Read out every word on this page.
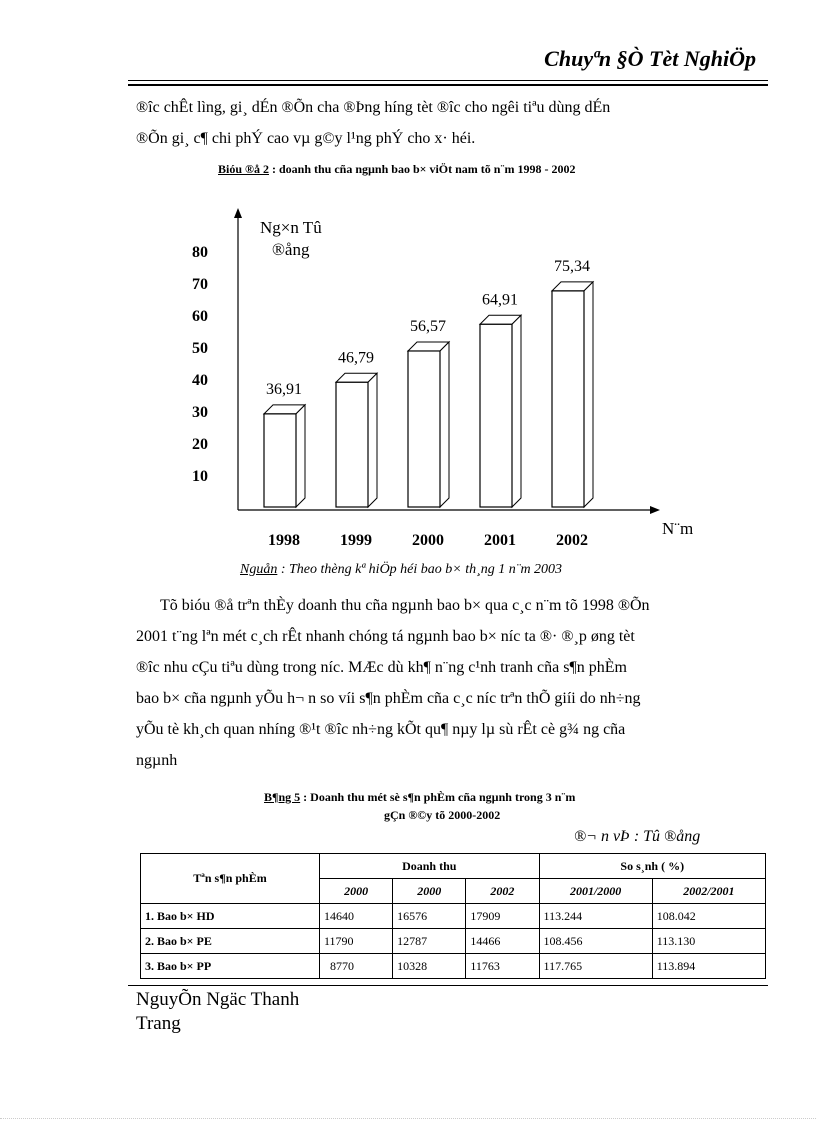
Chuyªn §Ò Tèt NghiÖp
®îc chÊt lìng, gi¸ dÉn ®Õn cha ®Þng híng tèt ®îc cho ngêi tiªu dùng dÉn
®Õn gi¸ c¶ chi phÝ cao vµ g©y l¹ng phÝ cho x· héi.
Bióu ®å 2 : doanh thu cña ngµnh bao b× viÖt nam tõ n¨m 1998 - 2002
10
20
30
40
50
60
70
80
Ng×n Tû
®ång
N¨m
36,91
1998
46,79
1999
56,57
2000
64,91
2001
75,34
2002
Nguån : Theo thèng kª hiÖp héi bao b× th¸ng 1 n¨m 2003
Tõ bióu ®å trªn thÈy doanh thu cña ngµnh bao b× qua c¸c n¨m tõ 1998 ®Õn
2001 t¨ng lªn mét c¸ch rÊt nhanh chóng tá ngµnh bao b× níc ta ®· ®¸p øng tèt
®îc nhu cÇu tiªu dùng trong níc. MÆc dù kh¶ n¨ng c¹nh tranh cña s¶n phÈm
bao b× cña ngµnh yÕu h¬ n so víi s¶n phÈm cña c¸c níc trªn thÕ giíi do nh÷ng
yÕu tè kh¸ch quan nhíng ®¹t ®îc nh÷ng kÕt qu¶ nµy lµ sù rÊt cè g¾ ng cña
ngµnh
B¶ng 5 : Doanh thu mét sè s¶n phÈm cña ngµnh trong 3 n¨m
gÇn ®©y tõ 2000-2002
®¬ n vÞ : Tû ®ång
Tªn s¶n phÈm	Doanh thu			So s¸nh ( %)	
	2000	2000	2002	2001/2000	2002/2001
1. Bao b× HD	14640	16576	17909	113.244	108.042
2. Bao b× PE	11790	12787	14466	108.456	113.130
3. Bao b× PP	8770	10328	11763	117.765	113.894
NguyÕn Ngäc Thanh
Trang
